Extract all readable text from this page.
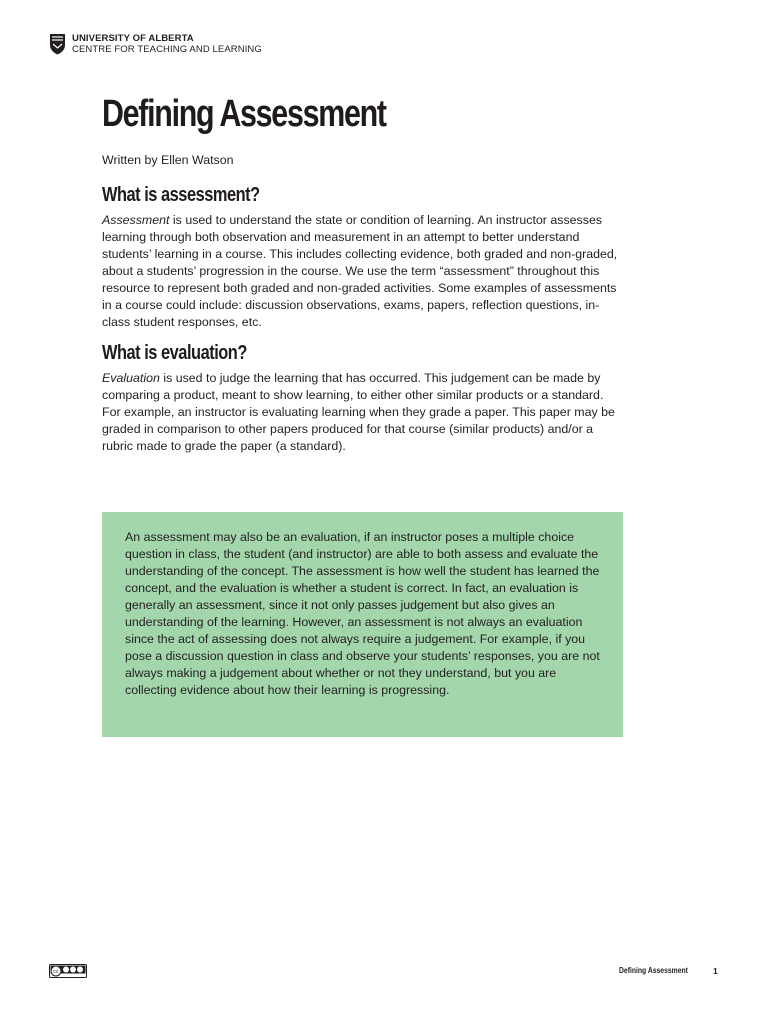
UNIVERSITY OF ALBERTA
CENTRE FOR TEACHING AND LEARNING
Defining Assessment
Written by Ellen Watson
What is assessment?
Assessment is used to understand the state or condition of learning. An instructor assesses learning through both observation and measurement in an attempt to better understand students’ learning in a course. This includes collecting evidence, both graded and non-graded, about a students’ progression in the course. We use the term “assessment” throughout this resource to represent both graded and non-graded activities. Some examples of assessments in a course could include: discussion observations, exams, papers, reflection questions, in-class student responses, etc.
What is evaluation?
Evaluation is used to judge the learning that has occurred. This judgement can be made by comparing a product, meant to show learning, to either other similar products or a standard. For example, an instructor is evaluating learning when they grade a paper. This paper may be graded in comparison to other papers produced for that course (similar products) and/or a rubric made to grade the paper (a standard).
An assessment may also be an evaluation, if an instructor poses a multiple choice question in class, the student (and instructor) are able to both assess and evaluate the understanding of the concept. The assessment is how well the student has learned the concept, and the evaluation is whether a student is correct. In fact, an evaluation is generally an assessment, since it not only passes judgement but also gives an understanding of the learning. However, an assessment is not always an evaluation since the act of assessing does not always require a judgement. For example, if you pose a discussion question in class and observe your students’ responses, you are not always making a judgement about whether or not they understand, but you are collecting evidence about how their learning is progressing.
cc	Defining Assessment	1
